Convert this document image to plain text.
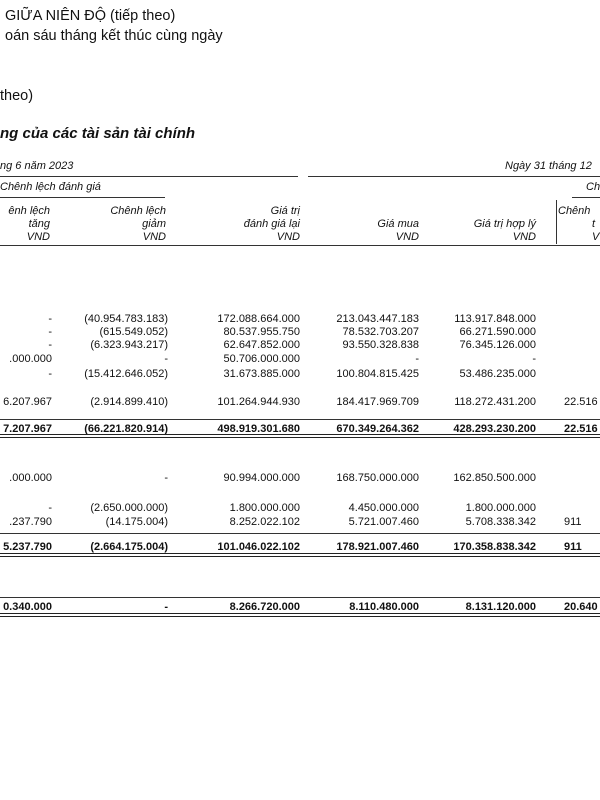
GIỮA NIÊN ĐỘ (tiếp theo)
oán sáu tháng kết thúc cùng ngày
theo)
ng của các tài sản tài chính
ng 6 năm 2023	Ngày 31 tháng 12
Chênh lệch đánh giá	Ch
ênh lệch
tăng
VND
Chênh lệch
giảm
VND
Giá trị
đánh giá lại
VND
Giá mua
VND
Giá trị hợp lý
VND
Chênh
t
V
-	(40.954.783.183)	172.088.664.000	213.043.447.183	113.917.848.000
-	(615.549.052)	80.537.955.750	78.532.703.207	66.271.590.000
-	(6.323.943.217)	62.647.852.000	93.550.328.838	76.345.126.000
.000.000	-	50.706.000.000	-	-
-	(15.412.646.052)	31.673.885.000	100.804.815.425	53.486.235.000
6.207.967	(2.914.899.410)	101.264.944.930	184.417.969.709	118.272.431.200	22.516
7.207.967	(66.221.820.914)	498.919.301.680	670.349.264.362	428.293.230.200	22.516
.000.000	-	90.994.000.000	168.750.000.000	162.850.500.000
-	(2.650.000.000)	1.800.000.000	4.450.000.000	1.800.000.000
.237.790	(14.175.004)	8.252.022.102	5.721.007.460	5.708.338.342	911
5.237.790	(2.664.175.004)	101.046.022.102	178.921.007.460	170.358.838.342	911
0.340.000	-	8.266.720.000	8.110.480.000	8.131.120.000	20.640
